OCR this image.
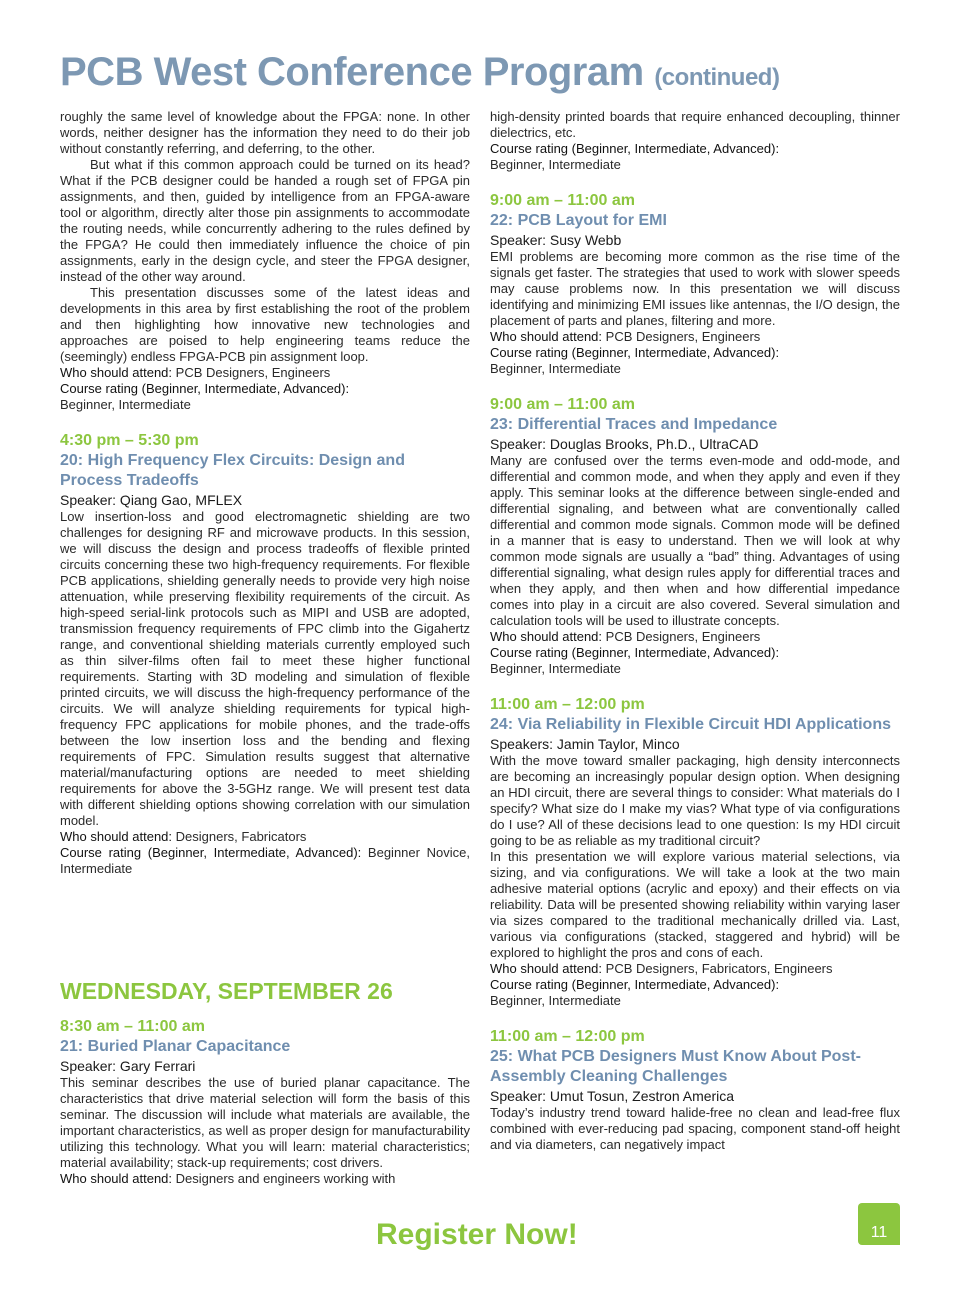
PCB West Conference Program (continued)

roughly the same level of knowledge about the FPGA: none. In other words, neither designer has the information they need to do their job without constantly referring, and deferring, to the other.

But what if this common approach could be turned on its head? What if the PCB designer could be handed a rough set of FPGA pin assignments, and then, guided by intelligence from an FPGA-aware tool or algorithm, directly alter those pin assignments to accommodate the routing needs, while concurrently adhering to the rules defined by the FPGA? He could then immediately influence the choice of pin assignments, early in the design cycle, and steer the FPGA designer, instead of the other way around.

This presentation discusses some of the latest ideas and developments in this area by first establishing the root of the problem and then highlighting how innovative new technologies and approaches are poised to help engineering teams reduce the (seemingly) endless FPGA-PCB pin assignment loop.

Who should attend: PCB Designers, Engineers

Course rating (Beginner, Intermediate, Advanced):

Beginner, Intermediate

4:30 pm – 5:30 pm
20: High Frequency Flex Circuits: Design and Process Tradeoffs
Speaker: Qiang Gao, MFLEX

Low insertion-loss and good electromagnetic shielding are two challenges for designing RF and microwave products. In this session, we will discuss the design and process tradeoffs of flexible printed circuits concerning these two high-frequency requirements. For flexible PCB applications, shielding generally needs to provide very high noise attenuation, while preserving flexibility requirements of the circuit. As high-speed serial-link protocols such as MIPI and USB are adopted, transmission frequency requirements of FPC climb into the Gigahertz range, and conventional shielding materials currently employed such as thin silver-films often fail to meet these higher functional requirements. Starting with 3D modeling and simulation of flexible printed circuits, we will discuss the high-frequency performance of the circuits. We will analyze shielding requirements for typical high-frequency FPC applications for mobile phones, and the trade-offs between the low insertion loss and the bending and flexing requirements of FPC. Simulation results suggest that alternative material/manufacturing options are needed to meet shielding requirements for above the 3-5GHz range. We will present test data with different shielding options showing correlation with our simulation model.

Who should attend: Designers, Fabricators

Course rating (Beginner, Intermediate, Advanced): Beginner Novice, Intermediate

WEDNESDAY, SEPTEMBER 26
8:30 am – 11:00 am
21: Buried Planar Capacitance
Speaker: Gary Ferrari

This seminar describes the use of buried planar capacitance. The characteristics that drive material selection will form the basis of this seminar. The discussion will include what materials are available, the important characteristics, as well as proper design for manufacturability utilizing this technology. What you will learn: material characteristics; material availability; stack-up requirements; cost drivers.

Who should attend: Designers and engineers working with

high-density printed boards that require enhanced decoupling, thinner dielectrics, etc.

Course rating (Beginner, Intermediate, Advanced):

Beginner, Intermediate

9:00 am – 11:00 am
22: PCB Layout for EMI
Speaker: Susy Webb

EMI problems are becoming more common as the rise time of the signals get faster. The strategies that used to work with slower speeds may cause problems now. In this presentation we will discuss identifying and minimizing EMI issues like antennas, the I/O design, the placement of parts and planes, filtering and more.

Who should attend: PCB Designers, Engineers

Course rating (Beginner, Intermediate, Advanced):

Beginner, Intermediate

9:00 am – 11:00 am
23: Differential Traces and Impedance
Speaker: Douglas Brooks, Ph.D., UltraCAD

Many are confused over the terms even-mode and odd-mode, and differential and common mode, and when they apply and even if they apply. This seminar looks at the difference between single-ended and differential signaling, and between what are conventionally called differential and common mode signals. Common mode will be defined in a manner that is easy to understand. Then we will look at why common mode signals are usually a “bad” thing. Advantages of using differential signaling, what design rules apply for differential traces and when they apply, and then when and how differential impedance comes into play in a circuit are also covered. Several simulation and calculation tools will be used to illustrate concepts.

Who should attend: PCB Designers, Engineers

Course rating (Beginner, Intermediate, Advanced):

Beginner, Intermediate

11:00 am – 12:00 pm
24: Via Reliability in Flexible Circuit HDI Applications
Speakers: Jamin Taylor, Minco

With the move toward smaller packaging, high density interconnects are becoming an increasingly popular design option. When designing an HDI circuit, there are several things to consider: What materials do I specify? What size do I make my vias? What type of via configurations do I use? All of these decisions lead to one question: Is my HDI circuit going to be as reliable as my traditional circuit?

In this presentation we will explore various material selections, via sizing, and via configurations. We will take a look at the two main adhesive material options (acrylic and epoxy) and their effects on via reliability. Data will be presented showing reliability within varying laser via sizes compared to the traditional mechanically drilled via. Last, various via configurations (stacked, staggered and hybrid) will be explored to highlight the pros and cons of each.

Who should attend: PCB Designers, Fabricators, Engineers

Course rating (Beginner, Intermediate, Advanced):

Beginner, Intermediate

11:00 am – 12:00 pm
25: What PCB Designers Must Know About Post-Assembly Cleaning Challenges
Speaker: Umut Tosun, Zestron America

Today’s industry trend toward halide-free no clean and lead-free flux combined with ever-reducing pad spacing, component stand-off height and via diameters, can negatively impact

Register Now!	11
